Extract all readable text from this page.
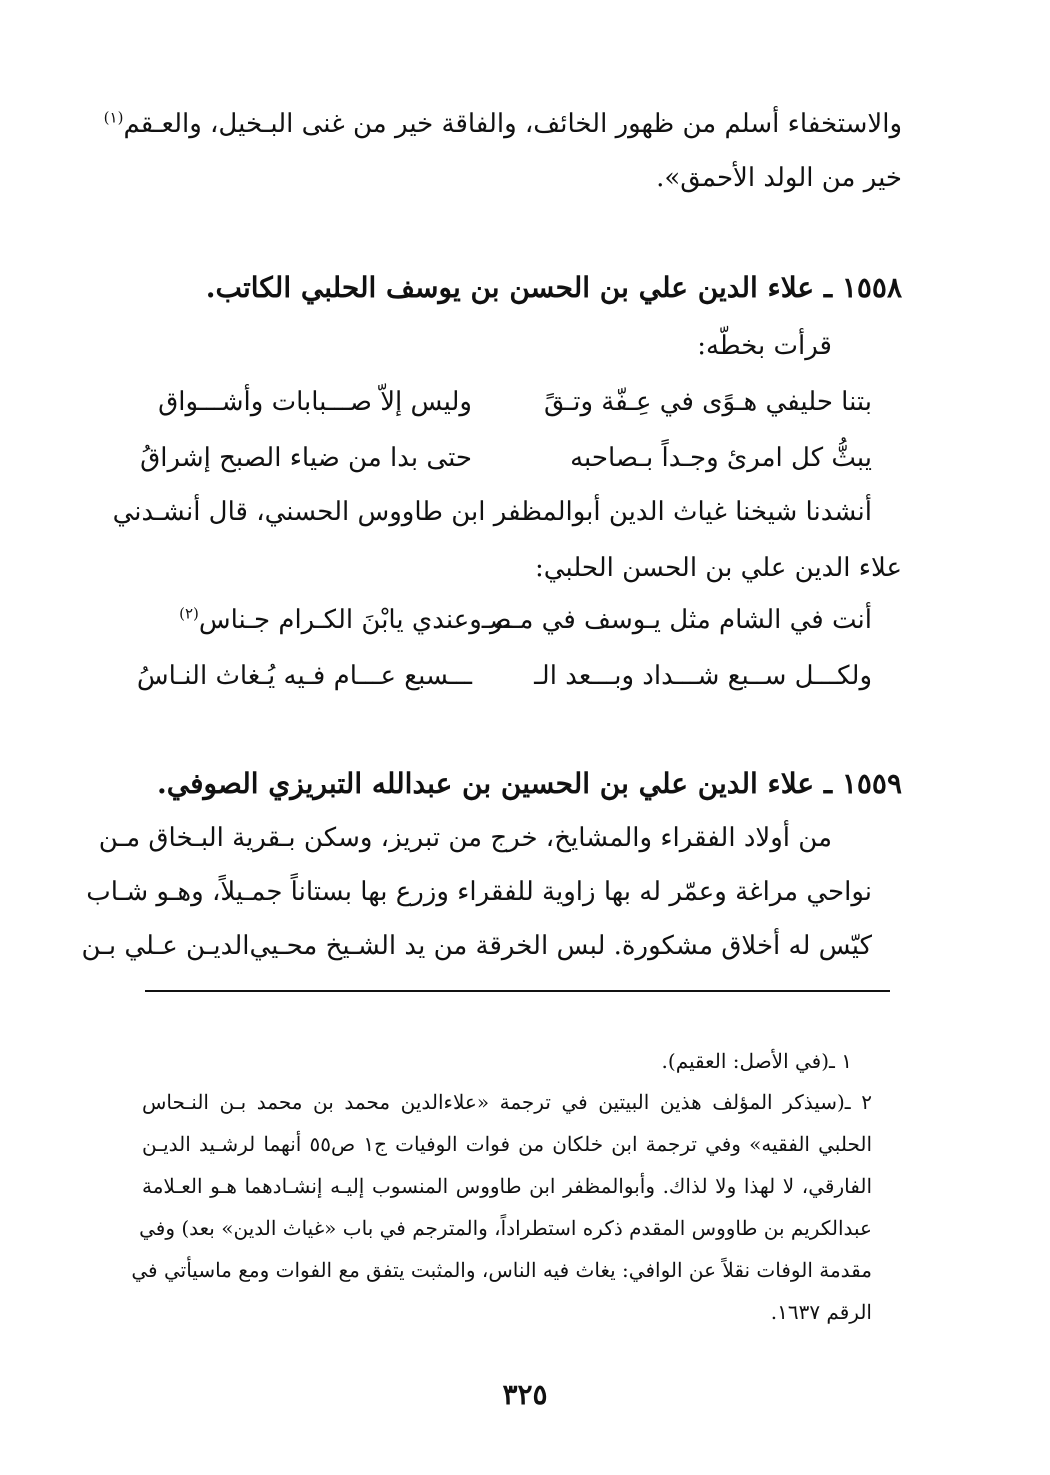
والاستخفاء أسلم من ظهور الخائف، والفاقة خير من غنى البـخيل، والعـقم$^{(١)}$
خير من الولد الأحمق».
١٥٥٨ ـ علاء الدين علي بن الحسن بن يوسف الحلبي الكاتب.
قرأت بخطّه:
بتنا حليفي هـوًى في عِـفّة وتـقً
وليس إلاّ صـــبابات وأشـــواق
يبثُّ كل امرئ وجـداً بـصاحبه
حتى بدا من ضياء الصبح إشراقُ
أنشدنا شيخنا غياث الدين أبوالمظفر ابن طاووس الحسني، قال أنشـدني
علاء الدين علي بن الحسن الحلبي:
أنت في الشام مثل يـوسف في مـصـ
ـر وعندي يابْنَ الكـرام جـناس$^{(٢)}$
ولكـــل ســبع شـــداد وبـــعد الـ
ـــسبع عـــام فـيه يُـغاث النـاسُ
١٥٥٩ ـ علاء الدين علي بن الحسين بن عبدالله التبريزي الصوفي.
من أولاد الفقراء والمشايخ، خرج من تبريز، وسكن بـقرية البـخاق مـن
نواحي مراغة وعمّر له بها زاوية للفقراء وزرع بها بستاناً جمـيلاً، وهـو شـاب
كيّس له أخلاق مشكورة. لبس الخرقة من يد الشـيخ محـيي‌الديـن عـلي بـن
١ ـ(في الأصل: العقيم).
٢ ـ(سيذكر المؤلف هذين البيتين في ترجمة «علاءالدين محمد بن محمد بـن النـحاس
الحلبي الفقيه» وفي ترجمة ابن خلكان من فوات الوفيات ج١ ص٥٥ أنهما لرشـيد الديـن
الفارقي، لا لهذا ولا لذاك. وأبوالمظفر ابن طاووس المنسوب إليـه إنشـادهما هـو العـلامة
عبدالكريم بن طاووس المقدم ذكره استطراداً، والمترجم في باب «غياث الدين» بعد) وفي
مقدمة الوفات نقلاً عن الوافي: يغاث فيه الناس، والمثبت يتفق مع الفوات ومع ماسيأتي في
الرقم ١٦٣٧.
٣٢٥
